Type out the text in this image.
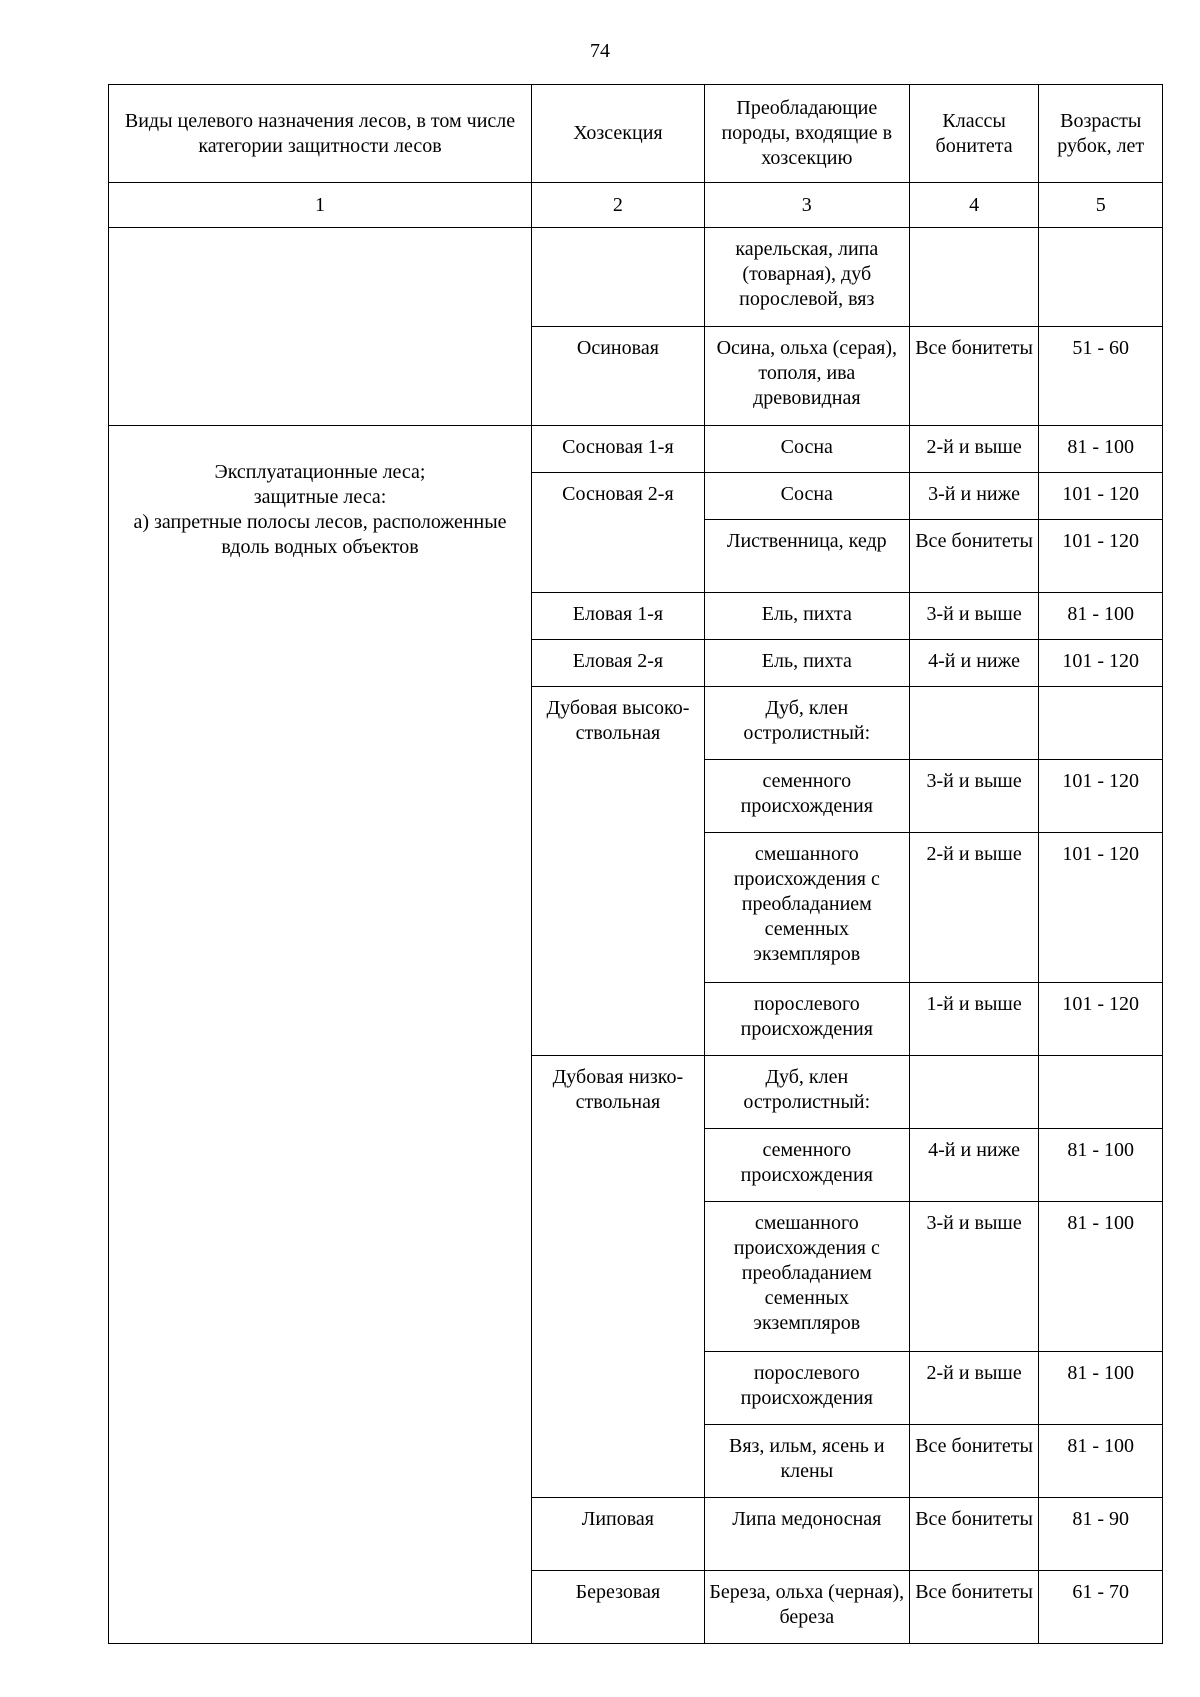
74
Виды целевого назначения лесов, в том числе категории защитности лесов	Хозсекция	Преобладающие породы, входящие в хозсекцию	Классы бонитета	Возрасты рубок, лет
1	2	3	4	5
		карельская, липа (товарная), дуб порослевой, вяз		
	Осиновая	Осина, ольха (серая), тополя, ива древовидная	Все бонитеты	51 - 60

Эксплуатационные леса;
защитные леса:
а) запретные полосы лесов, расположенные вдоль водных объектов	Сосновая 1-я	Сосна	2-й и выше	81 - 100
	Сосновая 2-я	Сосна	3-й и ниже	101 - 120
		Лиственница, кедр	Все бонитеты	101 - 120
	Еловая 1-я	Ель, пихта	3-й и выше	81 - 100
	Еловая 2-я	Ель, пихта	4-й и ниже	101 - 120
	Дубовая высоко-ствольная	Дуб, клен остролистный:		
		семенного происхождения	3-й и выше	101 - 120
		смешанного происхождения с преобладанием семенных экземпляров	2-й и выше	101 - 120
		порослевого происхождения	1-й и выше	101 - 120
	Дубовая низко-ствольная	Дуб, клен остролистный:		
		семенного происхождения	4-й и ниже	81 - 100
		смешанного происхождения с преобладанием семенных экземпляров	3-й и выше	81 - 100
		порослевого происхождения	2-й и выше	81 - 100
		Вяз, ильм, ясень и клены	Все бонитеты	81 - 100
	Липовая	Липа медоносная	Все бонитеты	81 - 90
	Березовая	Береза, ольха (черная), береза	Все бонитеты	61 - 70
